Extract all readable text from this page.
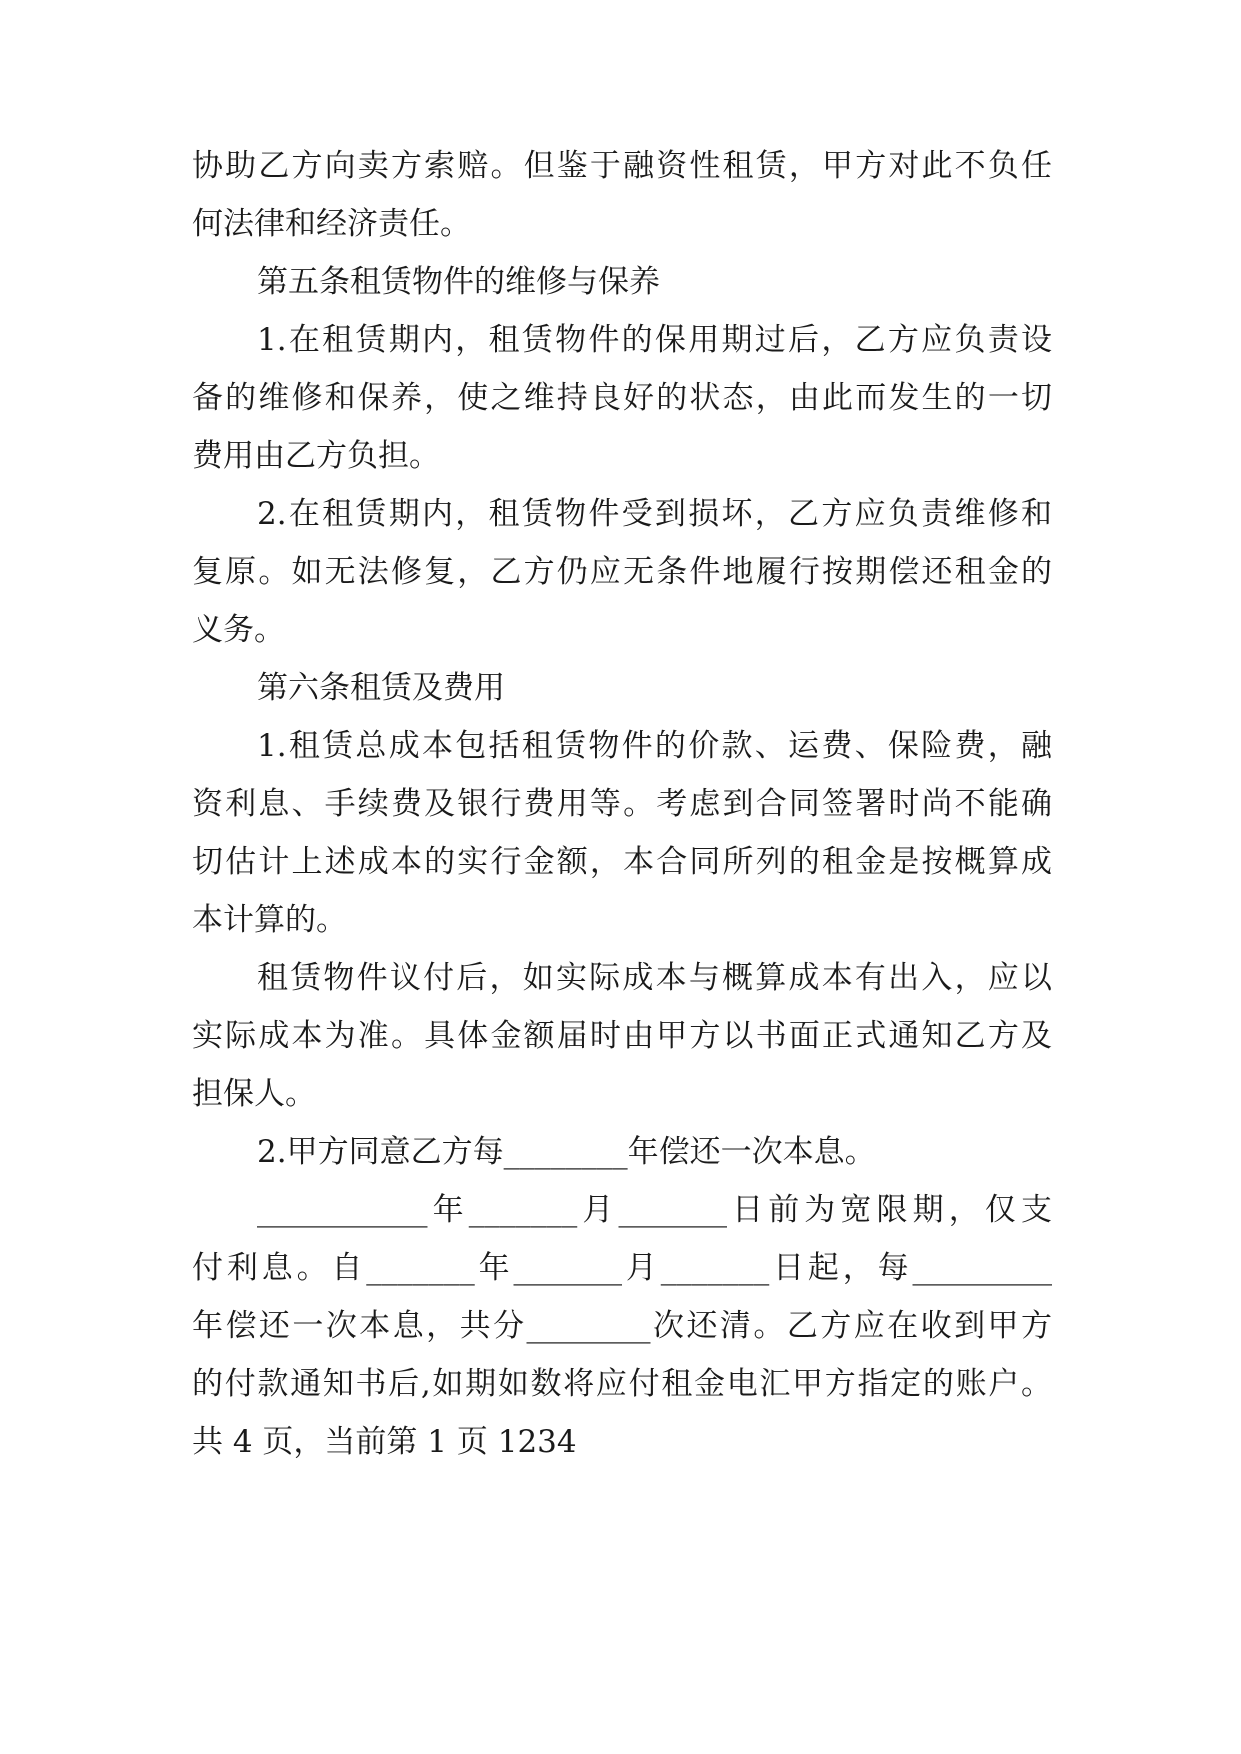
协助乙方向卖方索赔。但鉴于融资性租赁，甲方对此不负任
何法律和经济责任。
第五条租赁物件的维修与保养
1.在租赁期内，租赁物件的保用期过后，乙方应负责设
备的维修和保养，使之维持良好的状态，由此而发生的一切
费用由乙方负担。
2.在租赁期内，租赁物件受到损坏，乙方应负责维修和
复原。如无法修复，乙方仍应无条件地履行按期偿还租金的
义务。
第六条租赁及费用
1.租赁总成本包括租赁物件的价款、运费、保险费，融
资利息、手续费及银行费用等。考虑到合同签署时尚不能确
切估计上述成本的实行金额，本合同所列的租金是按概算成
本计算的。
租赁物件议付后，如实际成本与概算成本有出入，应以
实际成本为准。具体金额届时由甲方以书面正式通知乙方及
担保人。
2.甲方同意乙方每________年偿还一次本息。
___________年_______月_______日前为宽限期，仅支
付利息。自_______年_______月_______日起，每_________
年偿还一次本息，共分________次还清。乙方应在收到甲方
的付款通知书后,如期如数将应付租金电汇甲方指定的账户。
共 4 页，当前第 1 页 1234
